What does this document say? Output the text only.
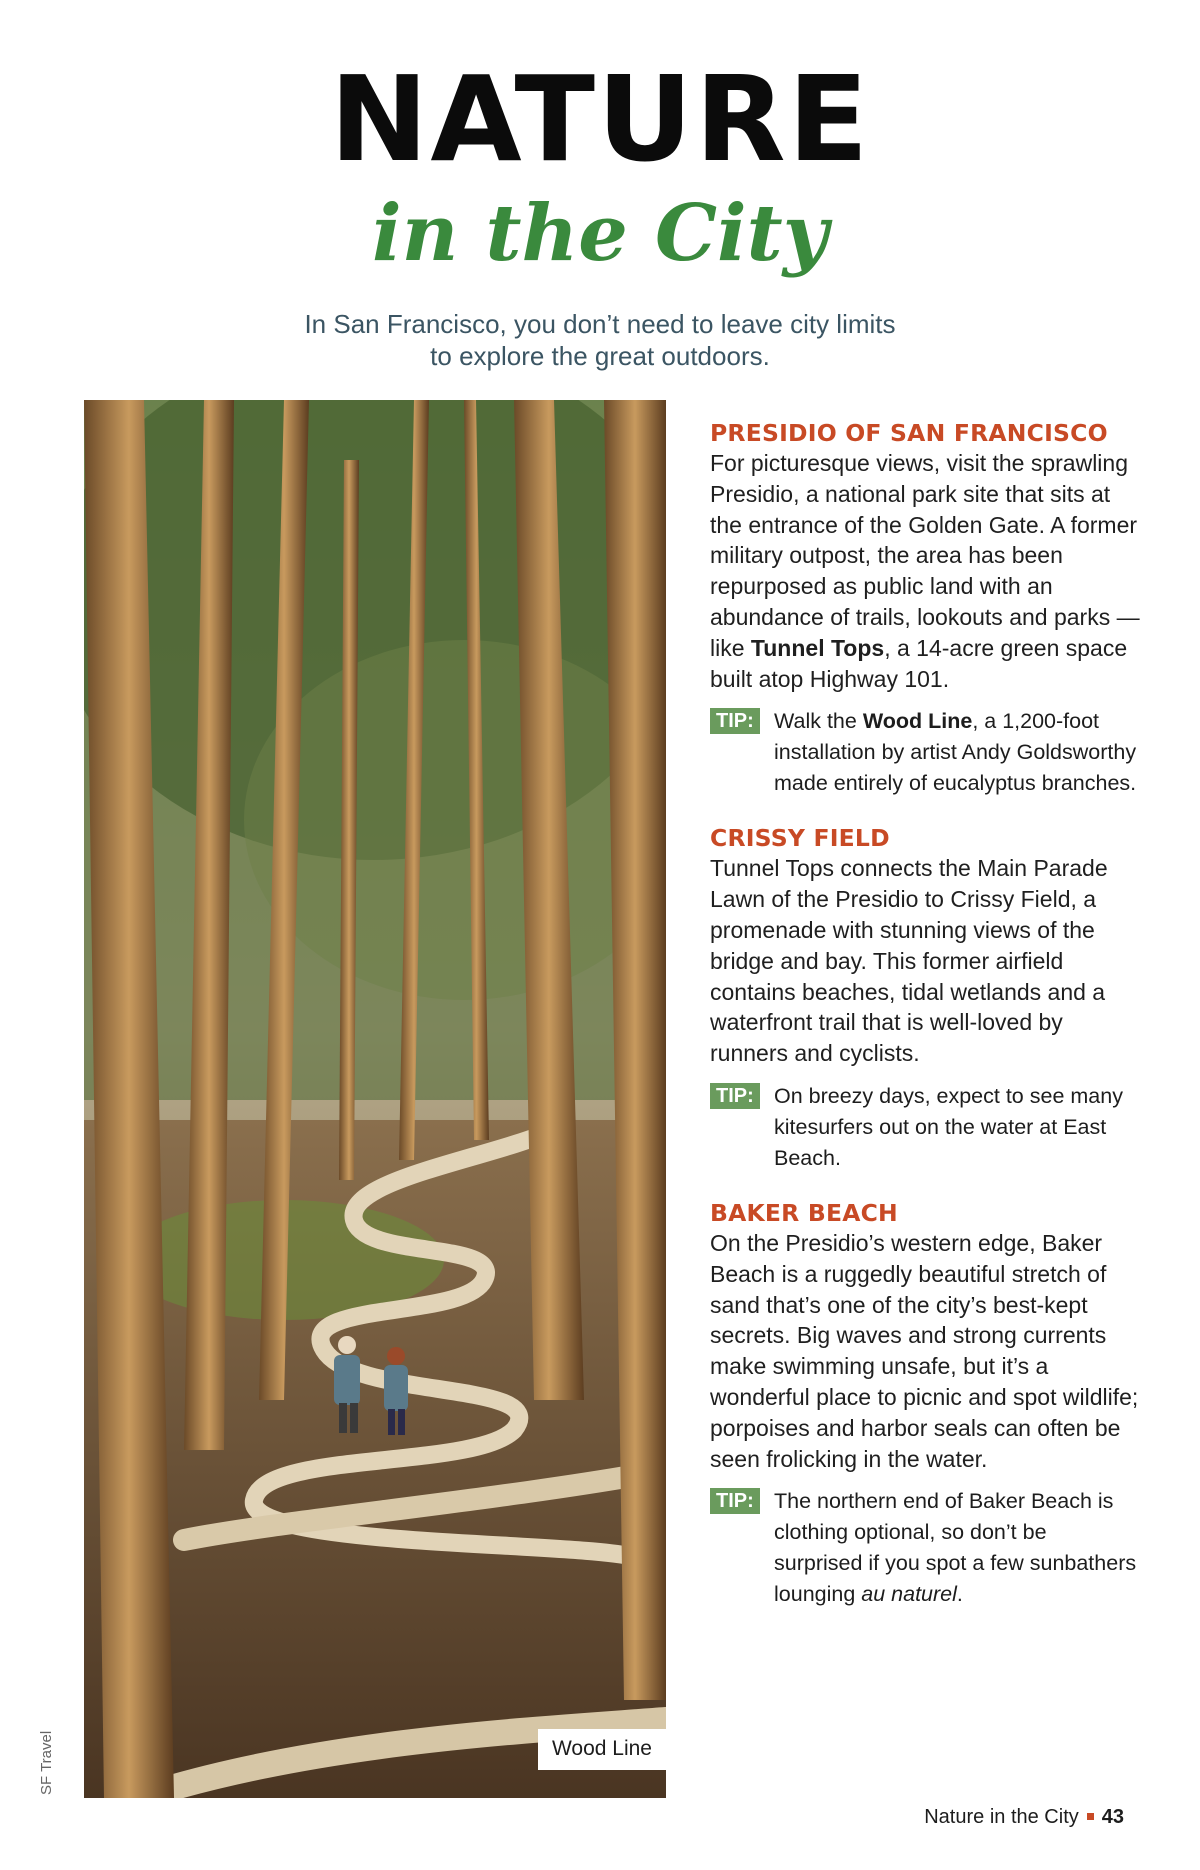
NATURE
in the City
In San Francisco, you don’t need to leave city limits
to explore the great outdoors.
Wood Line
SF Travel
PRESIDIO OF SAN FRANCISCO
For picturesque views, visit the sprawling Presidio, a national park site that sits at the entrance of the Golden Gate. A former military outpost, the area has been repurposed as public land with an abundance of trails, lookouts and parks — like Tunnel Tops, a 14-acre green space built atop Highway 101.
TIP: Walk the Wood Line, a 1,200-foot installation by artist Andy Goldsworthy made entirely of eucalyptus branches.
CRISSY FIELD
Tunnel Tops connects the Main Parade Lawn of the Presidio to Crissy Field, a promenade with stunning views of the bridge and bay. This former airfield contains beaches, tidal wetlands and a waterfront trail that is well-loved by runners and cyclists.
TIP: On breezy days, expect to see many kitesurfers out on the water at East Beach.
BAKER BEACH
On the Presidio’s western edge, Baker Beach is a ruggedly beautiful stretch of sand that’s one of the city’s best-kept secrets. Big waves and strong currents make swimming unsafe, but it’s a wonderful place to picnic and spot wildlife; porpoises and harbor seals can often be seen frolicking in the water.
TIP: The northern end of Baker Beach is clothing optional, so don’t be surprised if you spot a few sunbathers lounging au naturel.
Nature in the City 43
